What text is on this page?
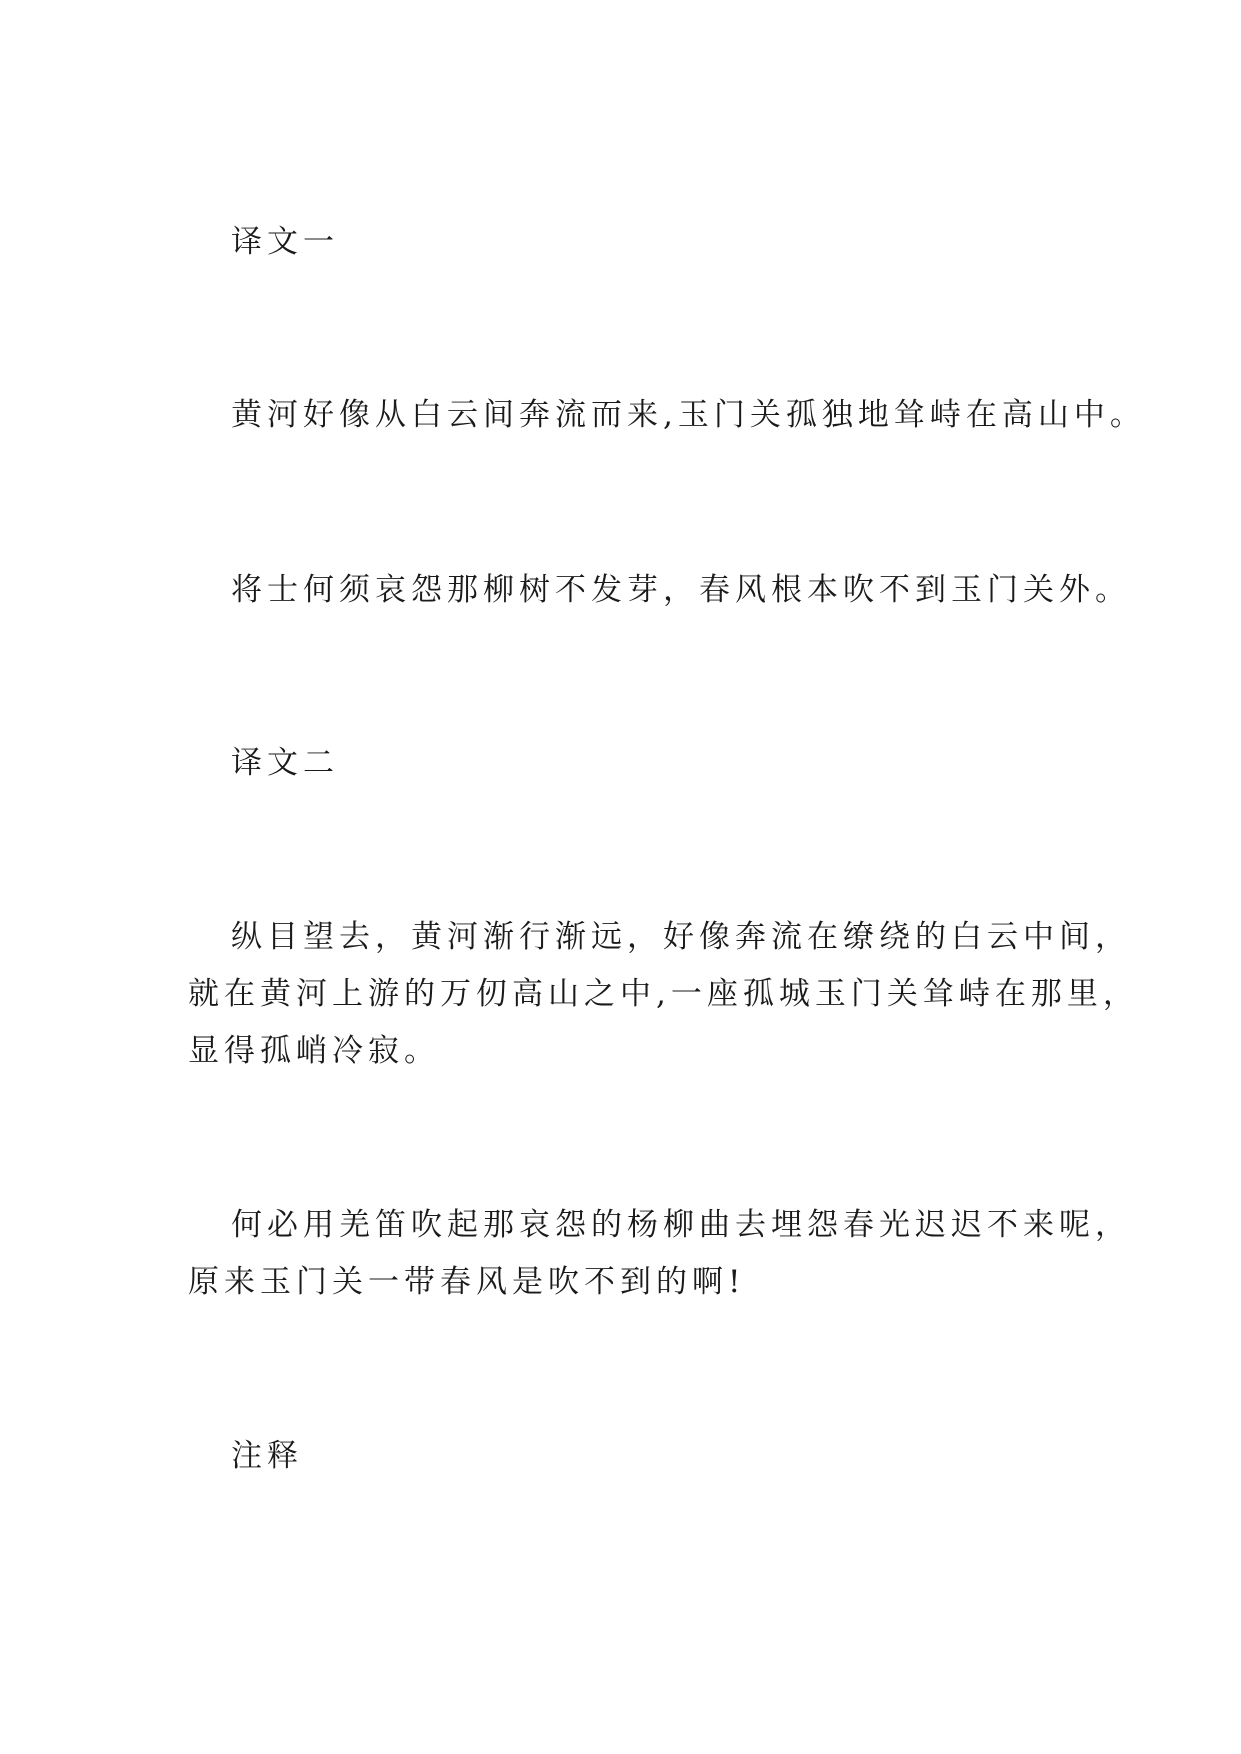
译文一

黄河好像从白云间奔流而来,玉门关孤独地耸峙在高山中。

将士何须哀怨那柳树不发芽，春风根本吹不到玉门关外。

译文二

纵目望去，黄河渐行渐远，好像奔流在缭绕的白云中间，

就在黄河上游的万仞高山之中,一座孤城玉门关耸峙在那里，

显得孤峭冷寂。

何必用羌笛吹起那哀怨的杨柳曲去埋怨春光迟迟不来呢，

原来玉门关一带春风是吹不到的啊!

注释
